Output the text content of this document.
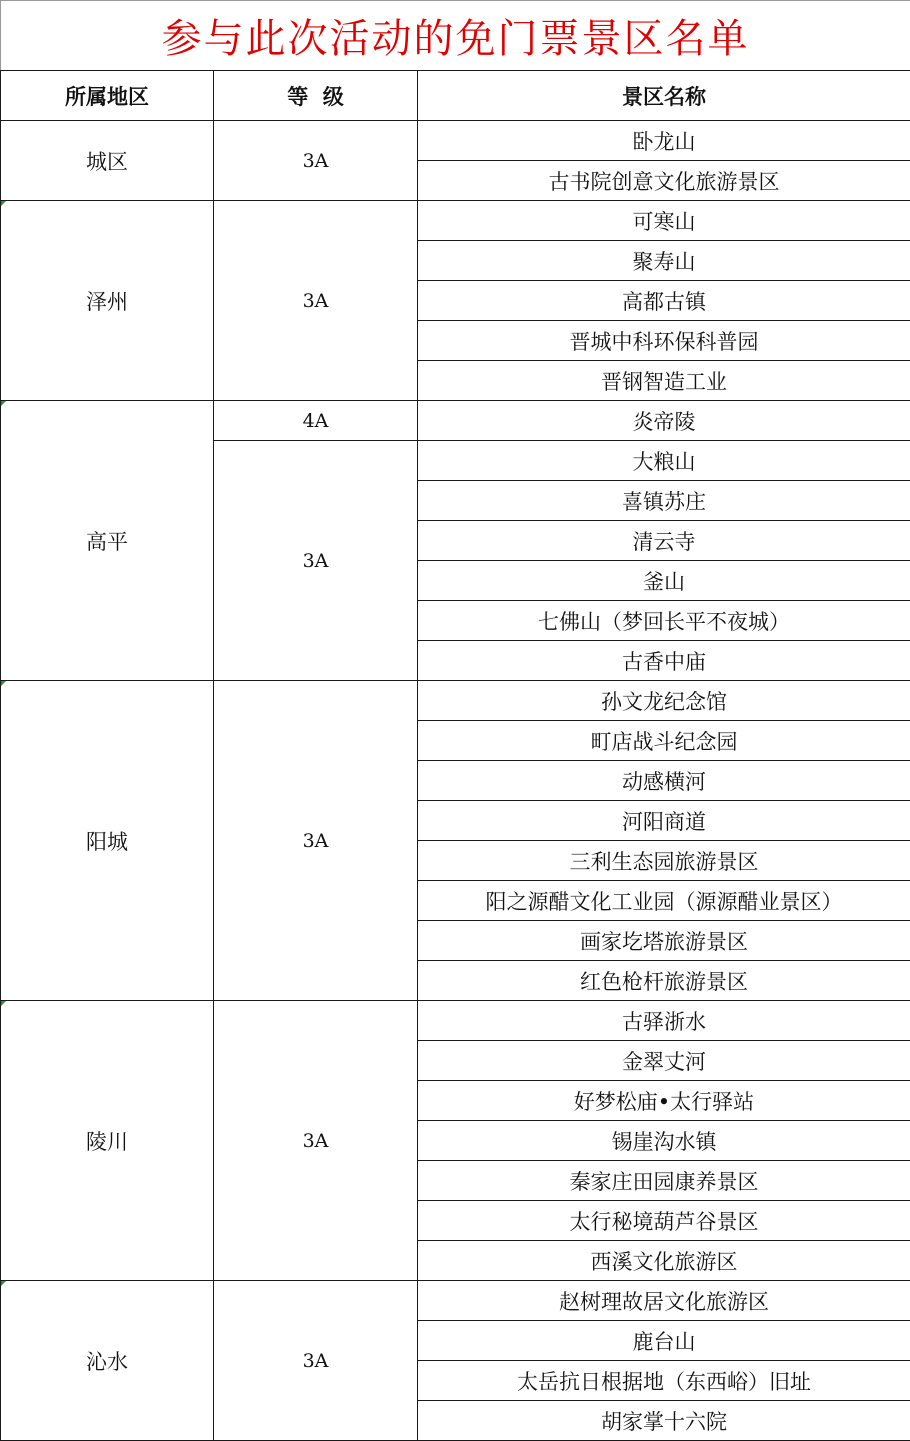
参与此次活动的免门票景区名单
所属地区	等  级	景区名称
城区	3A	卧龙山
		古书院创意文化旅游景区

泽州	3A	可寒山
		聚寿山
		高都古镇
		晋城中科环保科普园
		晋钢智造工业

高平	4A	炎帝陵
	3A	大粮山
		喜镇苏庄
		清云寺
		釜山
		七佛山（梦回长平不夜城）
		古香中庙

阳城	3A	孙文龙纪念馆
		町店战斗纪念园
		动感横河
		河阳商道
		三利生态园旅游景区
		阳之源醋文化工业园（源源醋业景区）
		画家圪塔旅游景区
		红色枪杆旅游景区

陵川	3A	古驿浙水
		金翠丈河
		好梦松庙•太行驿站
		锡崖沟水镇
		秦家庄田园康养景区
		太行秘境葫芦谷景区
		西溪文化旅游区

沁水	3A	赵树理故居文化旅游区
		鹿台山
		太岳抗日根据地（东西峪）旧址
		胡家掌十六院
